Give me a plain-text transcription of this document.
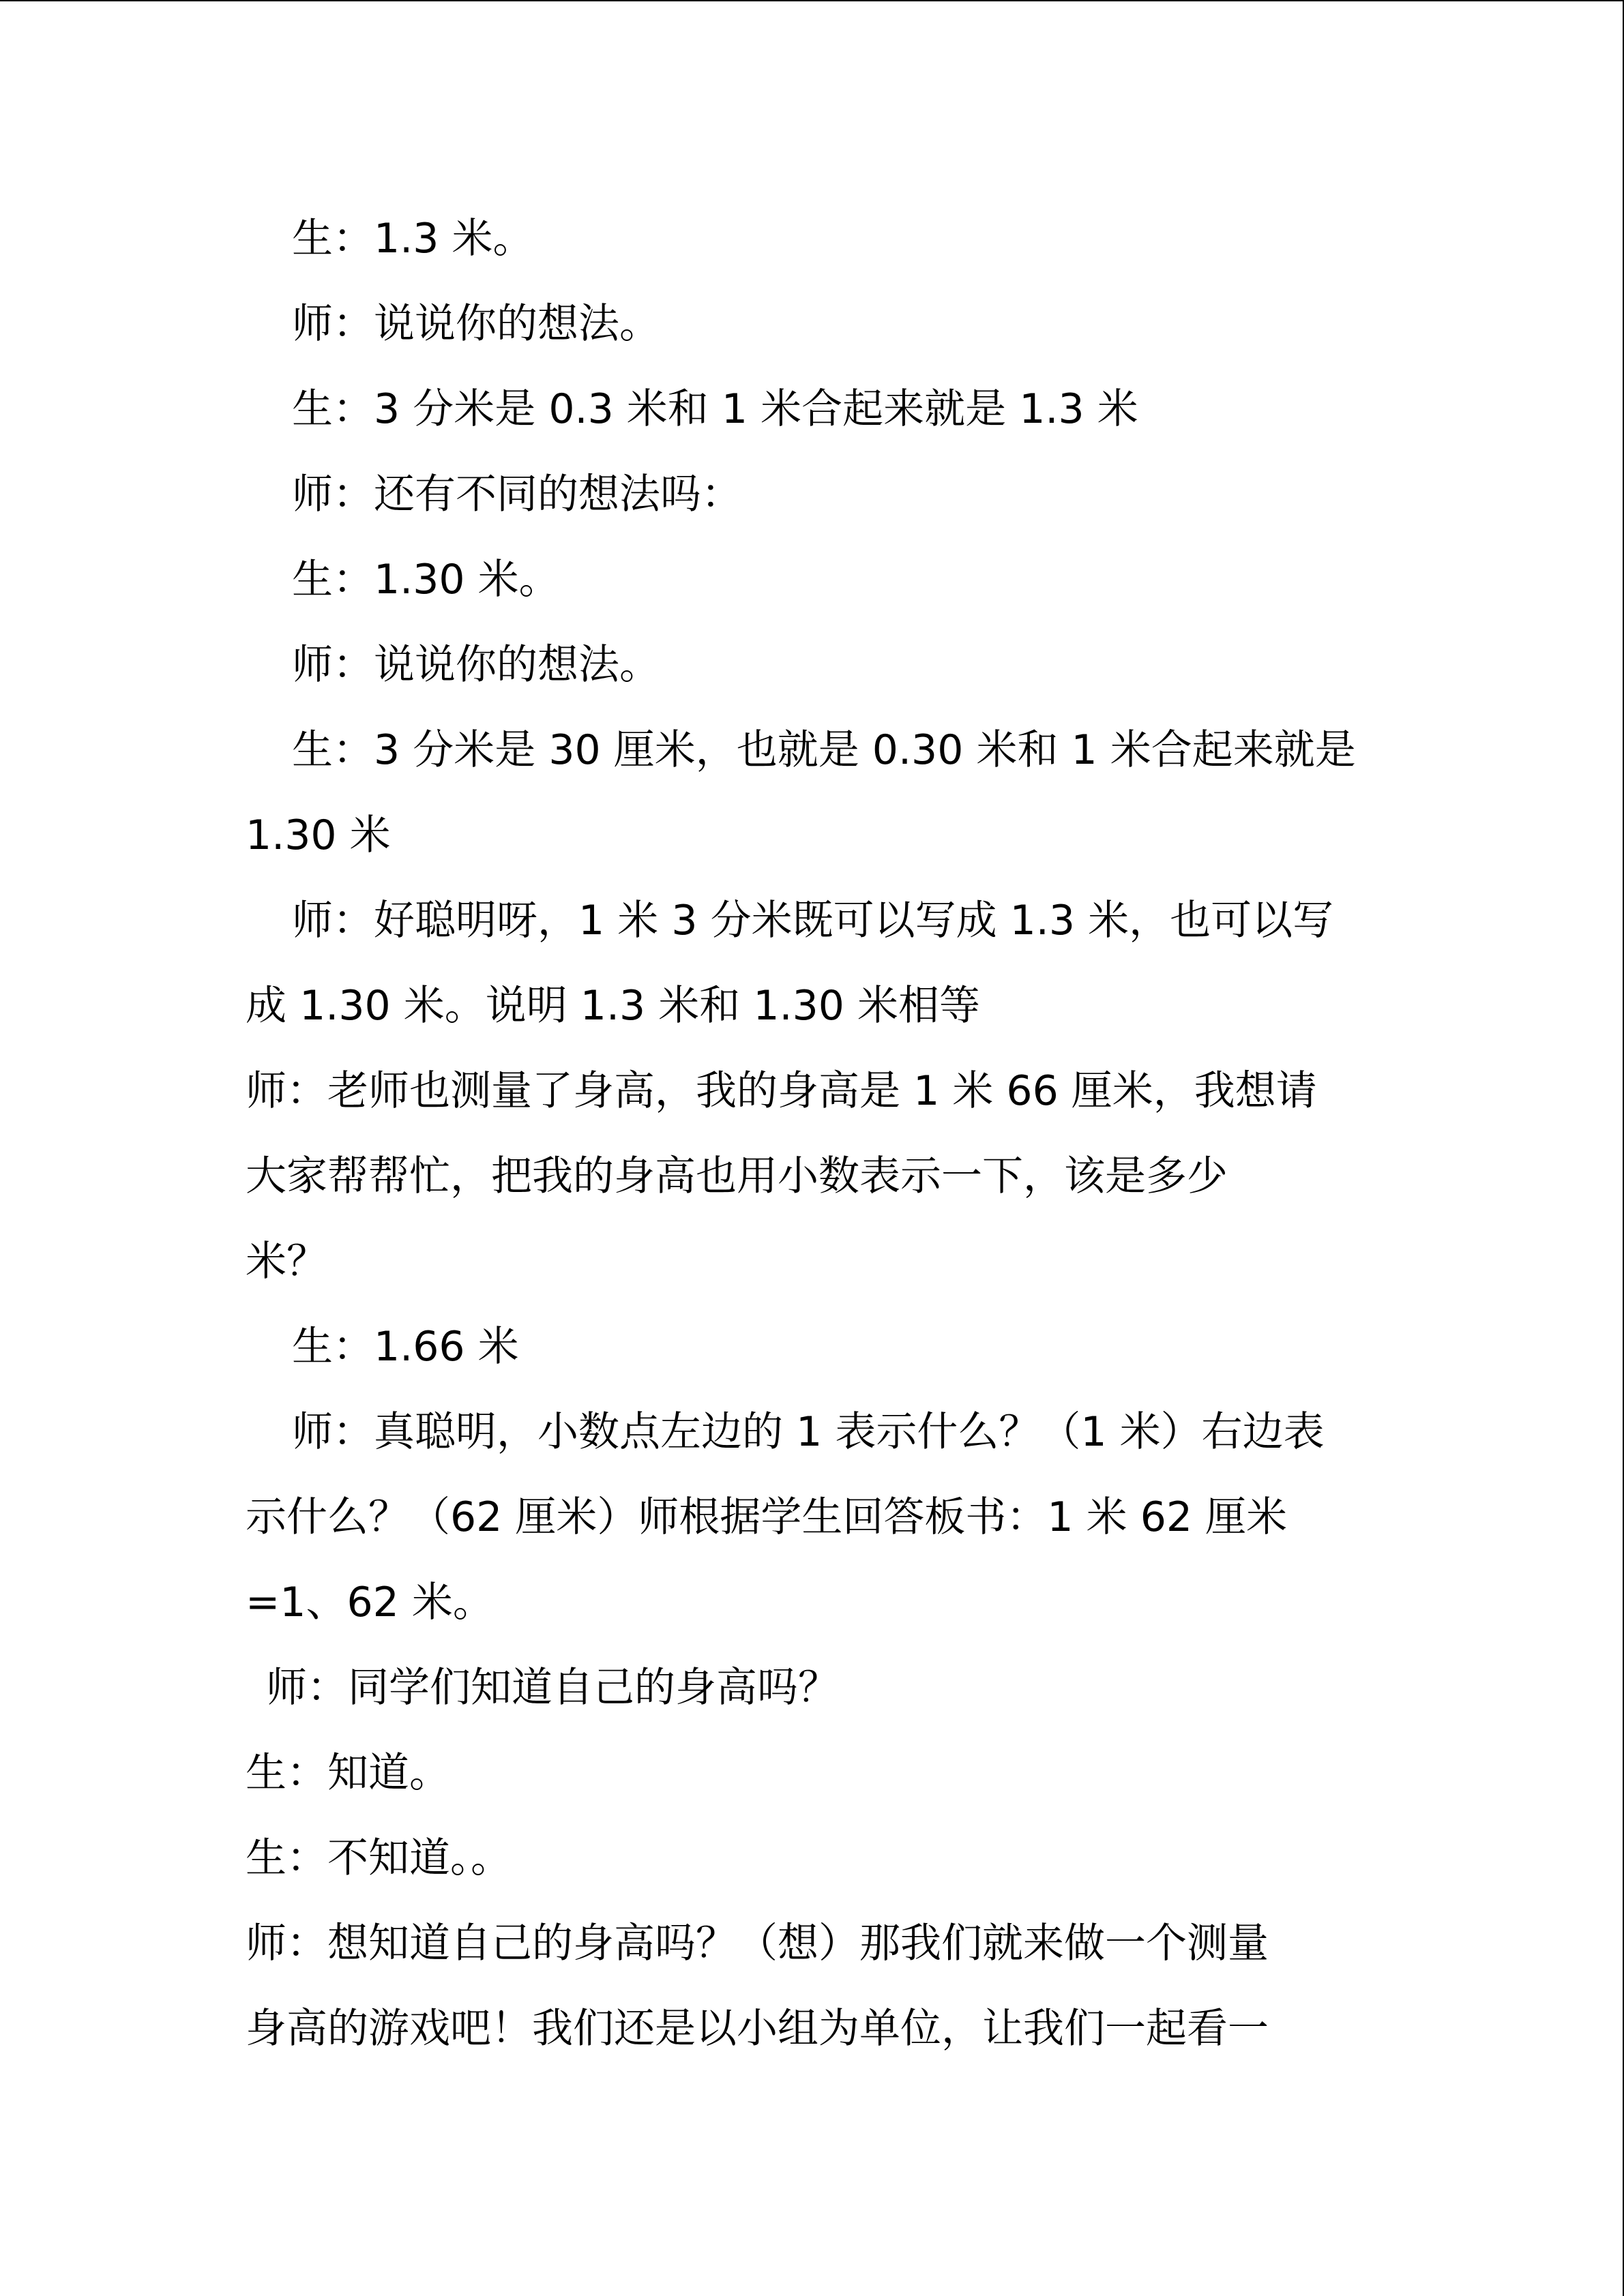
生：1.3 米。
师：说说你的想法。
生：3 分米是 0.3 米和 1 米合起来就是 1.3 米
师：还有不同的想法吗：
生：1.30 米。
师：说说你的想法。
生：3 分米是 30 厘米，也就是 0.30 米和 1 米合起来就是
1.30 米
师：好聪明呀，1 米 3 分米既可以写成 1.3 米，也可以写
成 1.30 米。说明 1.3 米和 1.30 米相等
师：老师也测量了身高，我的身高是 1 米 66 厘米，我想请
大家帮帮忙，把我的身高也用小数表示一下，该是多少
米？
生：1.66 米
师：真聪明，小数点左边的 1 表示什么？（1 米）右边表
示什么？（62 厘米）师根据学生回答板书：1 米 62 厘米
=1、62 米。
师：同学们知道自己的身高吗？
生：知道。
生：不知道。。
师：想知道自己的身高吗？（想）那我们就来做一个测量
身高的游戏吧！我们还是以小组为单位，让我们一起看一
